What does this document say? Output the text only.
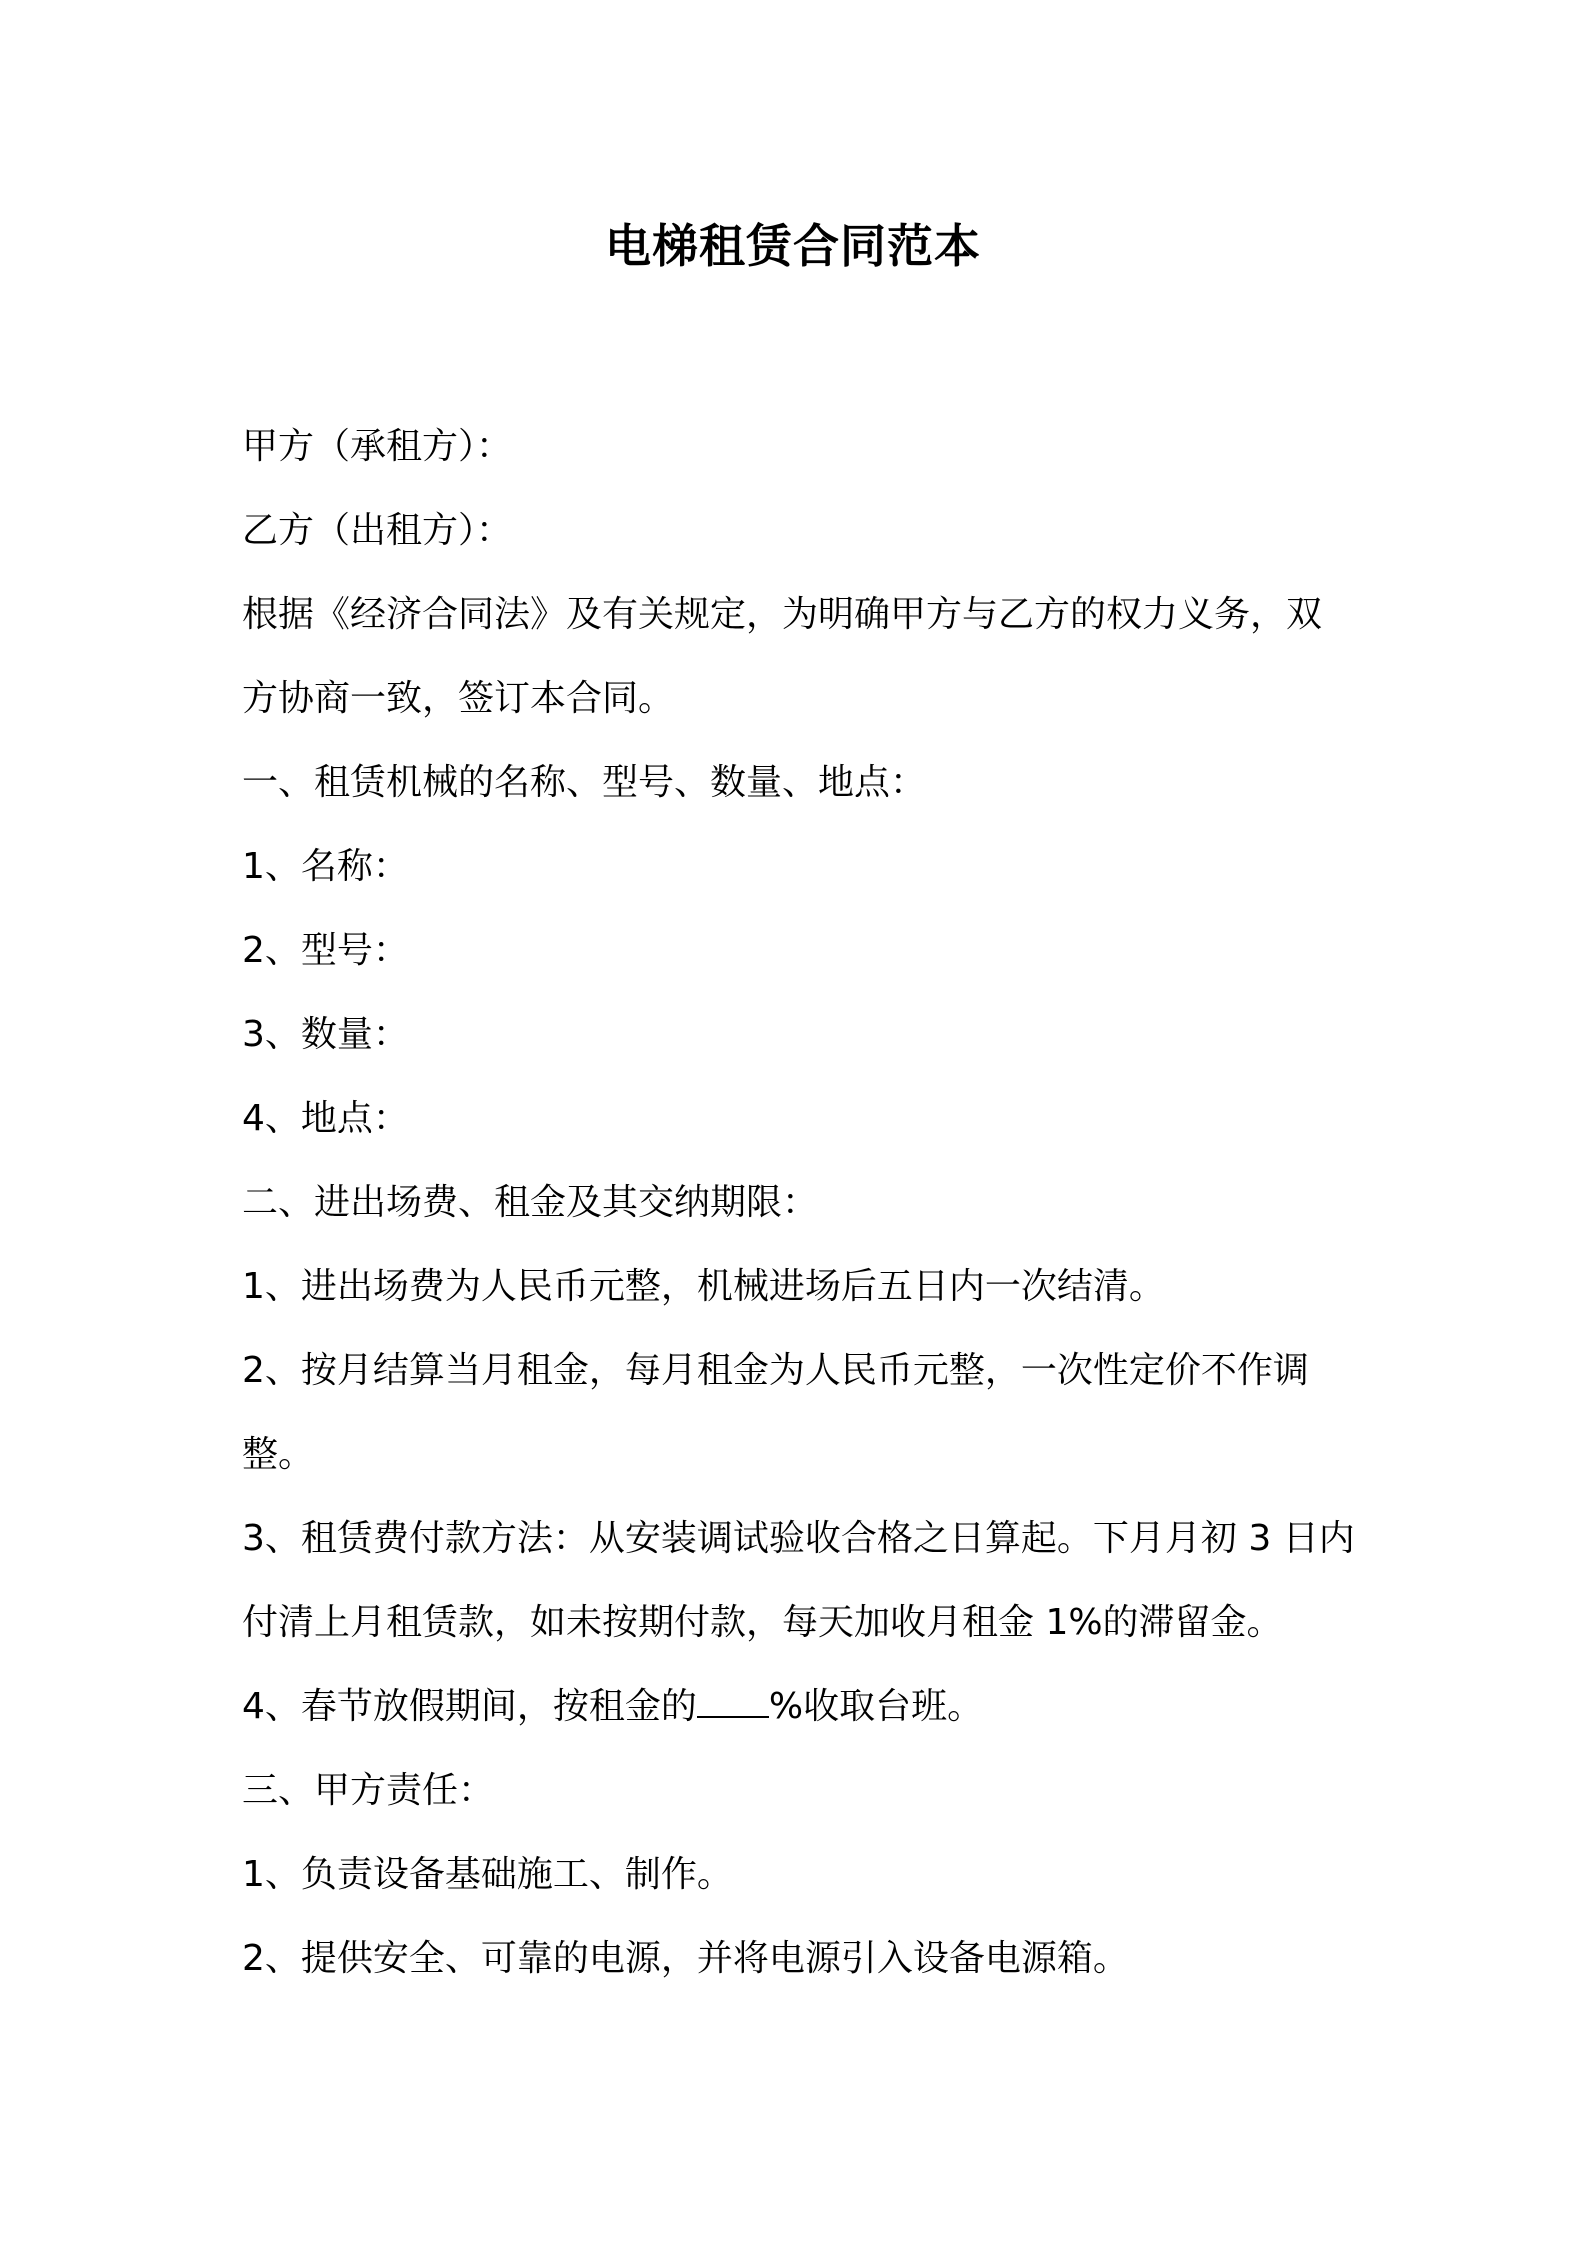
电梯租赁合同范本

甲方（承租方）：

乙方（出租方）：

根据《经济合同法》及有关规定，为明确甲方与乙方的权力义务，双方协商一致，签订本合同。

一、租赁机械的名称、型号、数量、地点：

1、名称：

2、型号：

3、数量：

4、地点：

二、进出场费、租金及其交纳期限：

1、进出场费为人民币元整，机械进场后五日内一次结清。

2、按月结算当月租金，每月租金为人民币元整，一次性定价不作调整。

3、租赁费付款方法：从安装调试验收合格之日算起。下月月初 3 日内付清上月租赁款，如未按期付款，每天加收月租金 1%的滞留金。

4、春节放假期间，按租金的 %收取台班。

三、甲方责任：

1、负责设备基础施工、制作。

2、提供安全、可靠的电源，并将电源引入设备电源箱。
